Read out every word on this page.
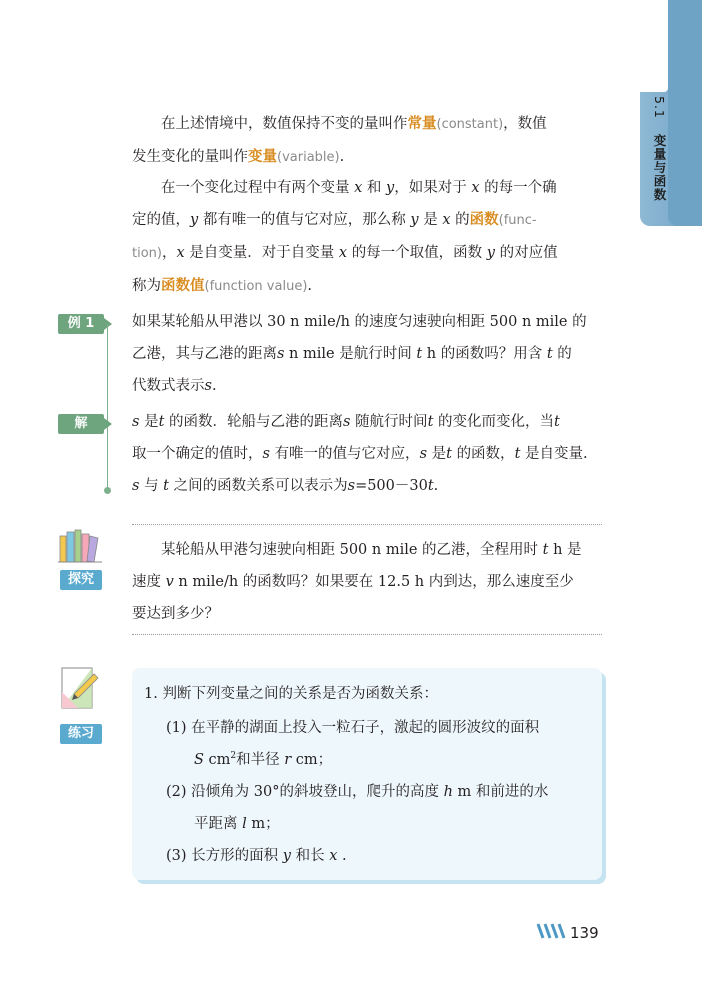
5.1 变量与函数
在上述情境中，数值保持不变的量叫作常量(constant)，数值
发生变化的量叫作变量(variable).
在一个变化过程中有两个变量 x 和 y，如果对于 x 的每一个确
定的值，y 都有唯一的值与它对应，那么称 y 是 x 的函数(func-
tion)，x 是自变量．对于自变量 x 的每一个取值，函数 y 的对应值
称为函数值(function value).
例 1	如果某轮船从甲港以 30 n mile/h 的速度匀速驶向相距 500 n mile 的
乙港，其与乙港的距离s n mile 是航行时间 t h 的函数吗？用含 t 的
代数式表示s.
解	s 是t 的函数．轮船与乙港的距离s 随航行时间t 的变化而变化，当t
取一个确定的值时，s 有唯一的值与它对应，s 是t 的函数，t 是自变量.
s 与 t 之间的函数关系可以表示为s=500－30t.
探究
某轮船从甲港匀速驶向相距 500 n mile 的乙港，全程用时 t h 是
速度 v n mile/h 的函数吗？如果要在 12.5 h 内到达，那么速度至少
要达到多少？
练习
1. 判断下列变量之间的关系是否为函数关系：
(1) 在平静的湖面上投入一粒石子，激起的圆形波纹的面积
S $cm^2$和半径 r cm；
(2) 沿倾角为 30°的斜坡登山，爬升的高度 h m 和前进的水
平距离 l m；
(3) 长方形的面积 y 和长 x .
139
